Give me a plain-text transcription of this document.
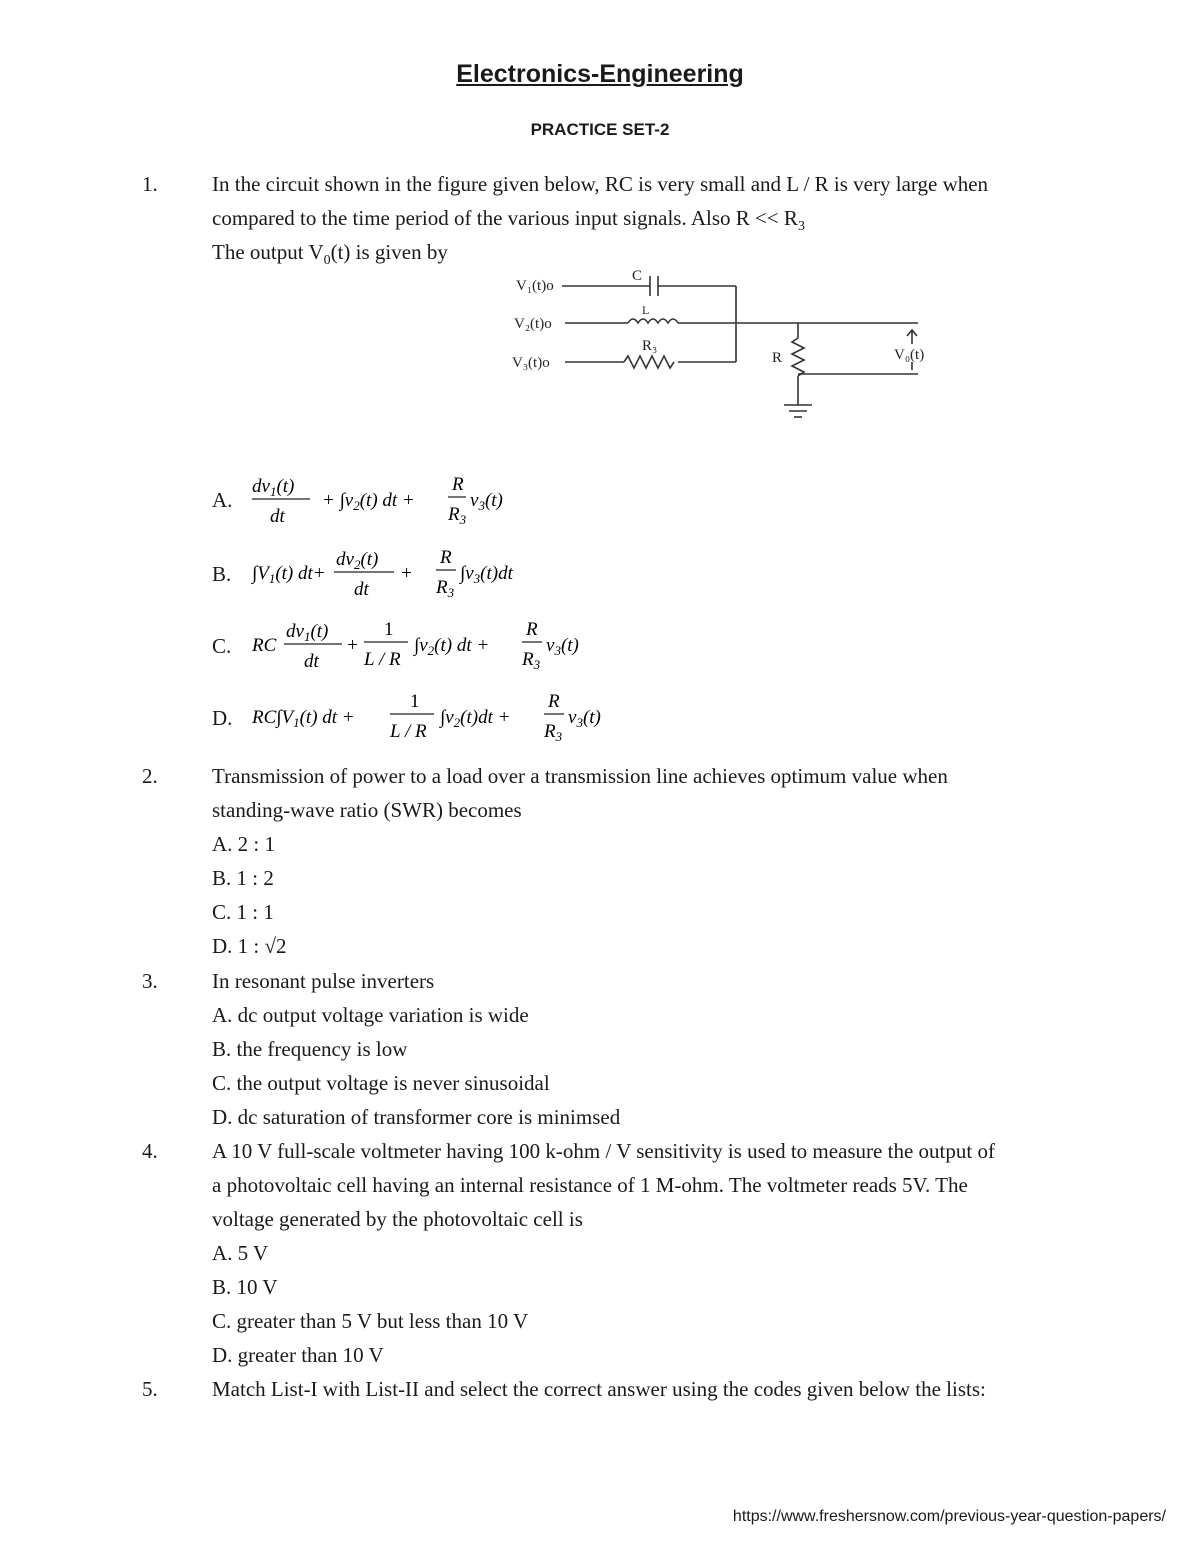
Electronics-Engineering
PRACTICE SET-2
1.	In the circuit shown in the figure given below, RC is very small and L / R is very large when
compared to the time period of the various input signals. Also $R << R_3$
The output $V_0(t)$ is given by
V₁(t)o
V₂(t)o
V₃(t)o
C
L
R₃
R	V₀(t)
A.
$dv_1(t)$
dt
+ $\int v_2(t)$ dt +
R
$R_3$
$v_3(t)$
B. $\int V_1(t)$ dt+
$dv_2(t)$
dt
+
R
$R_3$
$\int v_3(t)dt$
C. RC
$dv_1(t)$
dt
+
1
L / R
$\int v_2(t)$ dt +
R
$R_3$
$v_3(t)$
D. $RC\int V_1(t)$ dt +
1
L / R
$\int v_2(t)dt$ +
R
$R_3$
$v_3(t)$
2.	Transmission of power to a load over a transmission line achieves optimum value when
standing-wave ratio (SWR) becomes
A. 2 : 1
B. 1 : 2
C. 1 : 1
D. 1 : √2
3.	In resonant pulse inverters
A. dc output voltage variation is wide
B. the frequency is low
C. the output voltage is never sinusoidal
D. dc saturation of transformer core is minimsed
4.	A 10 V full-scale voltmeter having 100 k-ohm / V sensitivity is used to measure the output of
a photovoltaic cell having an internal resistance of 1 M-ohm. The voltmeter reads 5V. The
voltage generated by the photovoltaic cell is
A. 5 V
B. 10 V
C. greater than 5 V but less than 10 V
D. greater than 10 V
5.	Match List-I with List-II and select the correct answer using the codes given below the lists:
https://www.freshersnow.com/previous-year-question-papers/
